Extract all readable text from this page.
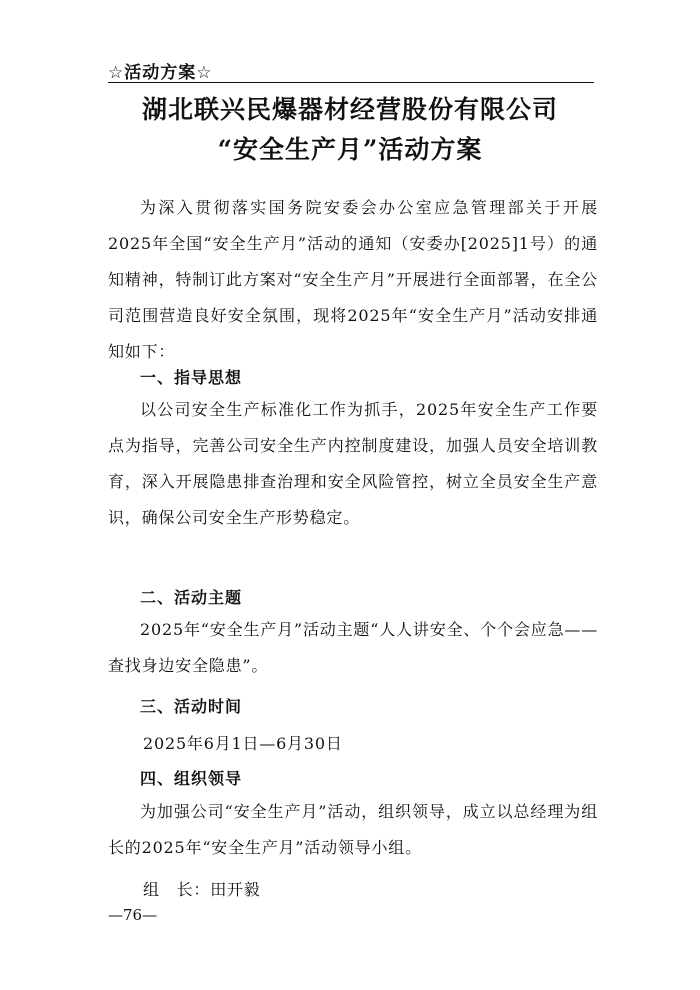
☆活动方案☆
湖北联兴民爆器材经营股份有限公司
“安全生产月”活动方案

为深入贯彻落实国务院安委会办公室应急管理部关于开展2025年全国“安全生产月”活动的通知（安委办[2025]1号）的通知精神，特制订此方案对“安全生产月”开展进行全面部署，在全公司范围营造良好安全氛围，现将2025年“安全生产月”活动安排通知如下：

一、指导思想

以公司安全生产标准化工作为抓手，2025年安全生产工作要点为指导，完善公司安全生产内控制度建设，加强人员安全培训教育，深入开展隐患排查治理和安全风险管控，树立全员安全生产意识，确保公司安全生产形势稳定。

二、活动主题

2025年“安全生产月”活动主题“人人讲安全、个个会应急——查找身边安全隐患”。

三、活动时间
2025年6月1日—6月30日
四、组织领导

为加强公司“安全生产月”活动，组织领导，成立以总经理为组长的2025年“安全生产月”活动领导小组。

组　长：田开毅
—76—
